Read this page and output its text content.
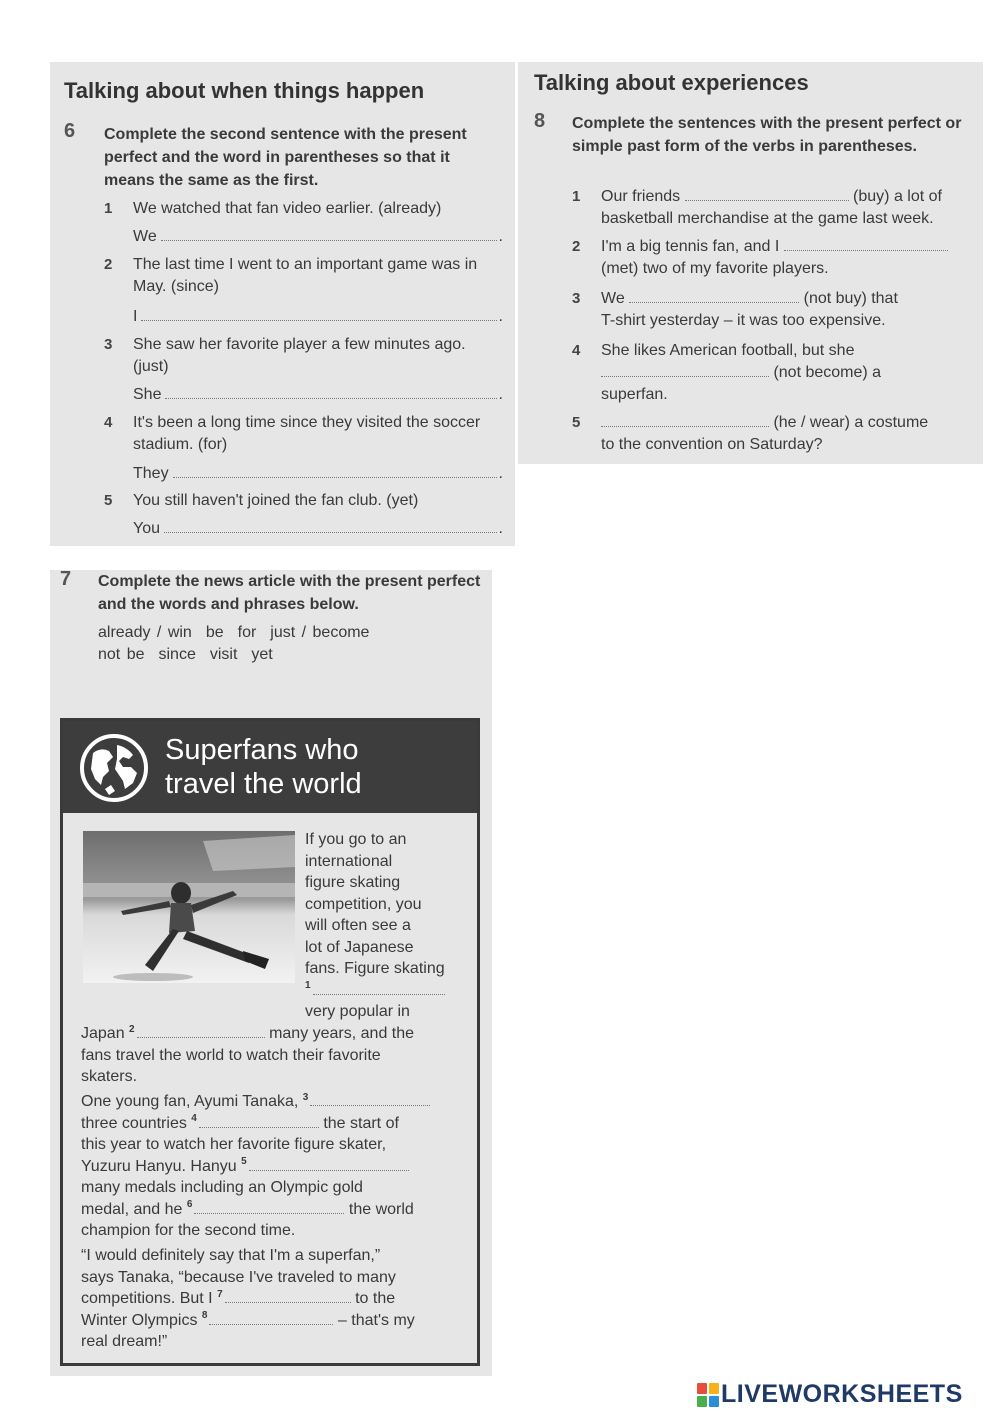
Talking about when things happen
6 Complete the second sentence with the present perfect and the word in parentheses so that it means the same as the first.

1 We watched that fan video earlier. (already)
We	.
2 The last time I went to an important game was in May. (since)
I	.
3 She saw her favorite player a few minutes ago. (just)
She	.
4 It's been a long time since they visited the soccer stadium. (for)
They	.
5 You still haven't joined the fan club. (yet)
You	.
Talking about experiences
8 Complete the sentences with the present perfect or simple past form of the verbs in parentheses.

1 Our friends	(buy) a lot of
basketball merchandise at the game last week.
2 I'm a big tennis fan, and I
(met) two of my favorite players.
3 We	(not buy) that
T-shirt yesterday – it was too expensive.
4 She likes American football, but she
(not become) a
superfan.
5	(he / wear) a costume
to the convention on Saturday?
7 Complete the news article with the present perfect and the words and phrases below.

already / win be for just / become
not be since visit yet
Superfans who
travel the world
If you go to an
international
figure skating
competition, you
will often see a
lot of Japanese
fans. Figure skating
$^1$
very popular in
Japan $^2$	many years, and the
fans travel the world to watch their favorite
skaters.
One young fan, Ayumi Tanaka, $^3$
three countries $^4$	the start of
this year to watch her favorite figure skater,
Yuzuru Hanyu. Hanyu $^5$
many medals including an Olympic gold
medal, and he $^6$	the world
champion for the second time.
“I would definitely say that I'm a superfan,”
says Tanaka, “because I've traveled to many
competitions. But I $^7$	to the
Winter Olympics $^8$	– that's my
real dream!”
LIVEWORKSHEETS
